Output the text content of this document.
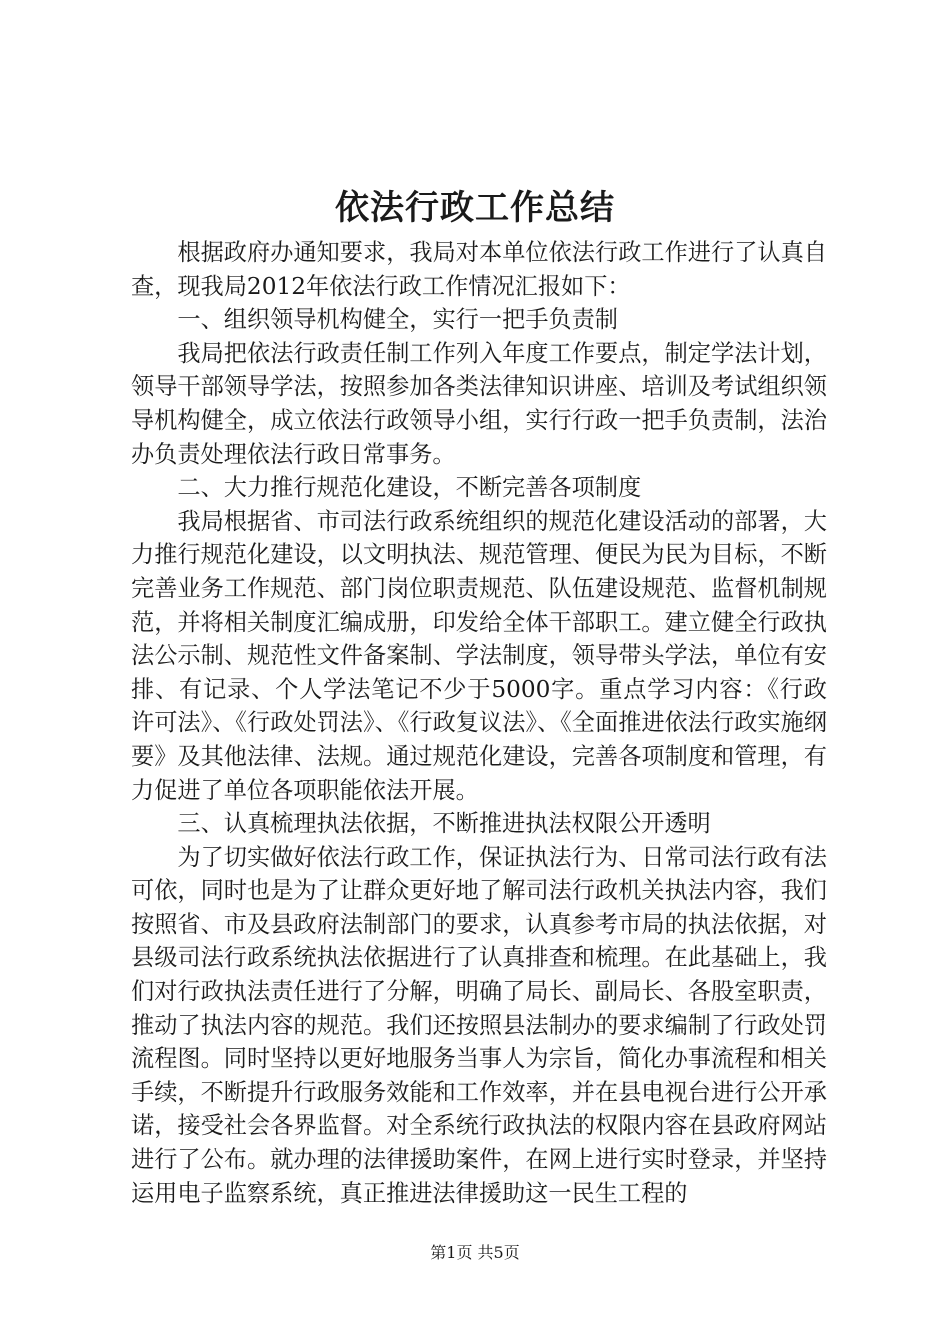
依法行政工作总结

根据政府办通知要求，我局对本单位依法行政工作进行了认真自查，现我局2012年依法行政工作情况汇报如下：

一、组织领导机构健全，实行一把手负责制

我局把依法行政责任制工作列入年度工作要点，制定学法计划，领导干部领导学法，按照参加各类法律知识讲座、培训及考试组织领导机构健全，成立依法行政领导小组，实行行政一把手负责制，法治办负责处理依法行政日常事务。

二、大力推行规范化建设，不断完善各项制度

我局根据省、市司法行政系统组织的规范化建设活动的部署，大力推行规范化建设，以文明执法、规范管理、便民为民为目标，不断完善业务工作规范、部门岗位职责规范、队伍建设规范、监督机制规范，并将相关制度汇编成册，印发给全体干部职工。建立健全行政执法公示制、规范性文件备案制、学法制度，领导带头学法，单位有安排、有记录、个人学法笔记不少于5000字。重点学习内容：《行政许可法》、《行政处罚法》、《行政复议法》、《全面推进依法行政实施纲要》及其他法律、法规。通过规范化建设，完善各项制度和管理，有力促进了单位各项职能依法开展。

三、认真梳理执法依据，不断推进执法权限公开透明

为了切实做好依法行政工作，保证执法行为、日常司法行政有法可依，同时也是为了让群众更好地了解司法行政机关执法内容，我们按照省、市及县政府法制部门的要求，认真参考市局的执法依据，对县级司法行政系统执法依据进行了认真排查和梳理。在此基础上，我们对行政执法责任进行了分解，明确了局长、副局长、各股室职责，推动了执法内容的规范。我们还按照县法制办的要求编制了行政处罚流程图。同时坚持以更好地服务当事人为宗旨，简化办事流程和相关手续，不断提升行政服务效能和工作效率，并在县电视台进行公开承诺，接受社会各界监督。对全系统行政执法的权限内容在县政府网站进行了公布。就办理的法律援助案件，在网上进行实时登录，并坚持运用电子监察系统，真正推进法律援助这一民生工程的

第1页 共5页
